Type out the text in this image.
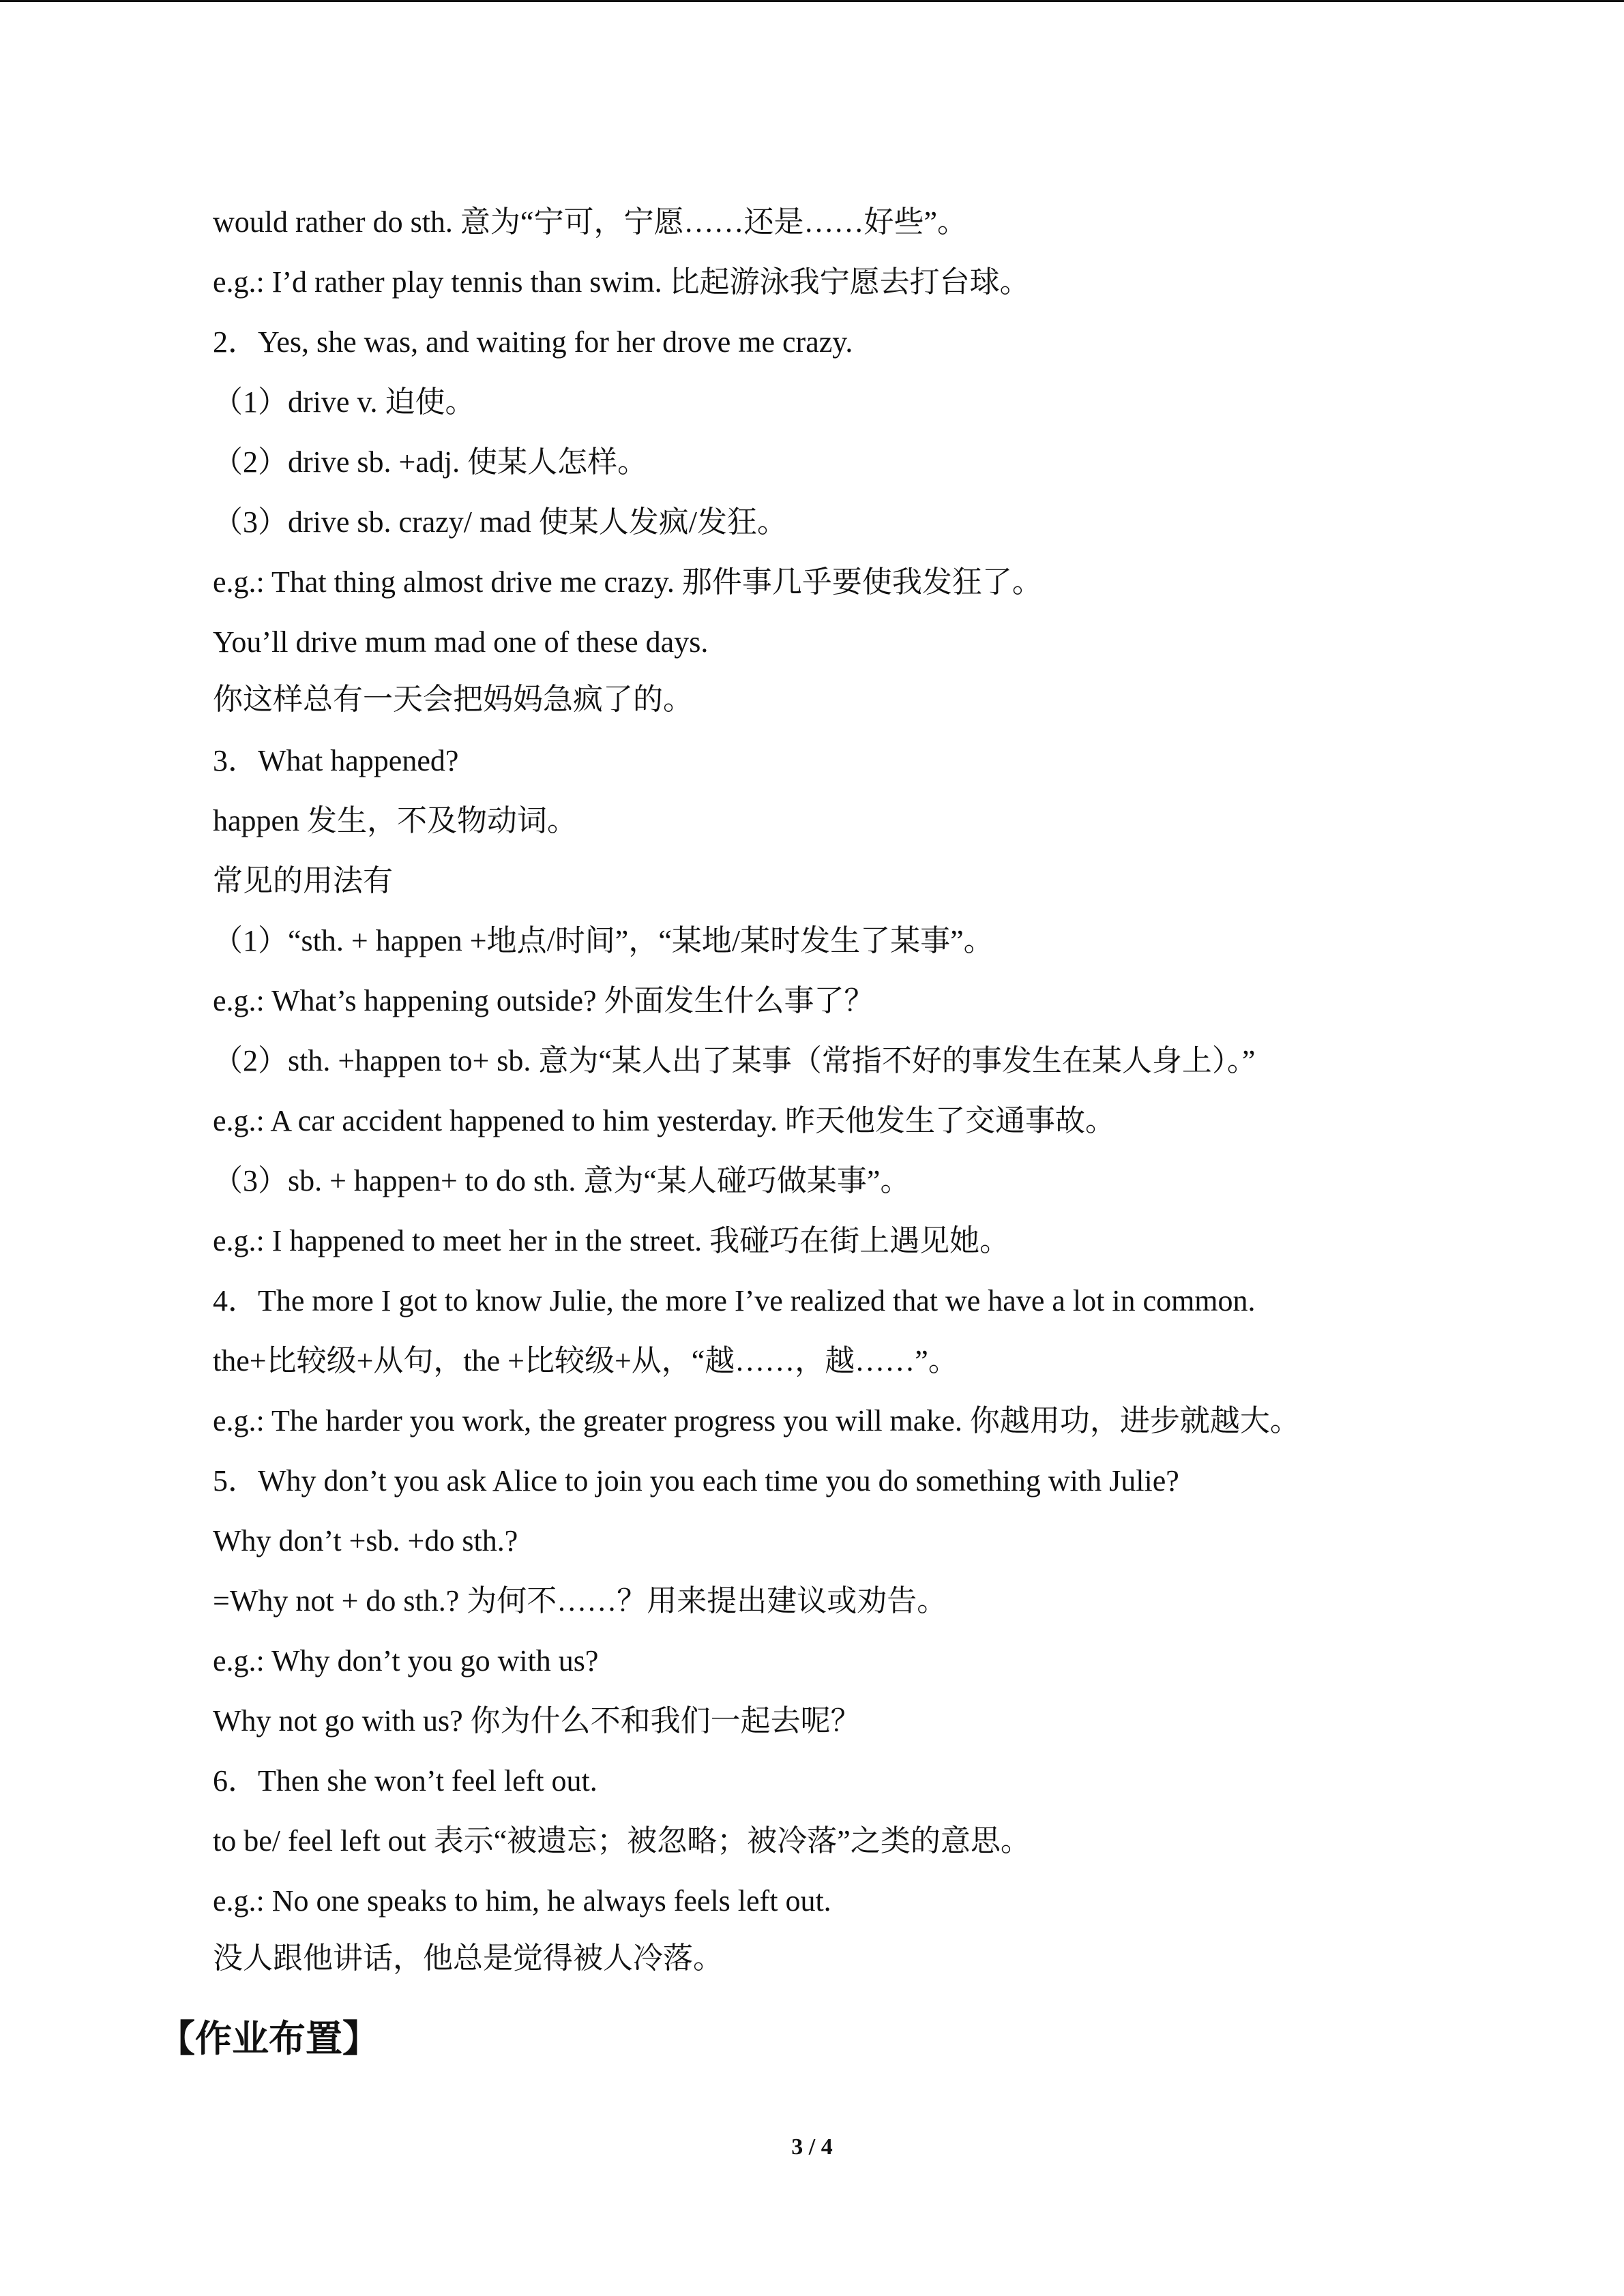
would rather do sth. 意为“宁可，宁愿……还是……好些”。
e.g.: I’d rather play tennis than swim. 比起游泳我宁愿去打台球。
2．Yes, she was, and waiting for her drove me crazy.
（1）drive v. 迫使。
（2）drive sb. +adj. 使某人怎样。
（3）drive sb. crazy/ mad 使某人发疯/发狂。
e.g.: That thing almost drive me crazy. 那件事几乎要使我发狂了。
You’ll drive mum mad one of these days.
你这样总有一天会把妈妈急疯了的。
3．What happened?
happen 发生，不及物动词。
常见的用法有
（1）“sth. + happen +地点/时间”，“某地/某时发生了某事”。
e.g.: What’s happening outside? 外面发生什么事了？
（2）sth. +happen to+ sb. 意为“某人出了某事（常指不好的事发生在某人身上）。”
e.g.: A car accident happened to him yesterday. 昨天他发生了交通事故。
（3）sb. + happen+ to do sth. 意为“某人碰巧做某事”。
e.g.: I happened to meet her in the street. 我碰巧在街上遇见她。
4．The more I got to know Julie, the more I’ve realized that we have a lot in common.
the+比较级+从句，the +比较级+从，“越……，越……”。
e.g.: The harder you work, the greater progress you will make. 你越用功，进步就越大。
5．Why don’t you ask Alice to join you each time you do something with Julie?
Why don’t +sb. +do sth.?
=Why not + do sth.? 为何不……？用来提出建议或劝告。
e.g.: Why don’t you go with us?
Why not go with us? 你为什么不和我们一起去呢？
6．Then she won’t feel left out.
to be/ feel left out 表示“被遗忘；被忽略；被冷落”之类的意思。
e.g.: No one speaks to him, he always feels left out.
没人跟他讲话，他总是觉得被人冷落。
【作业布置】
3 / 4
